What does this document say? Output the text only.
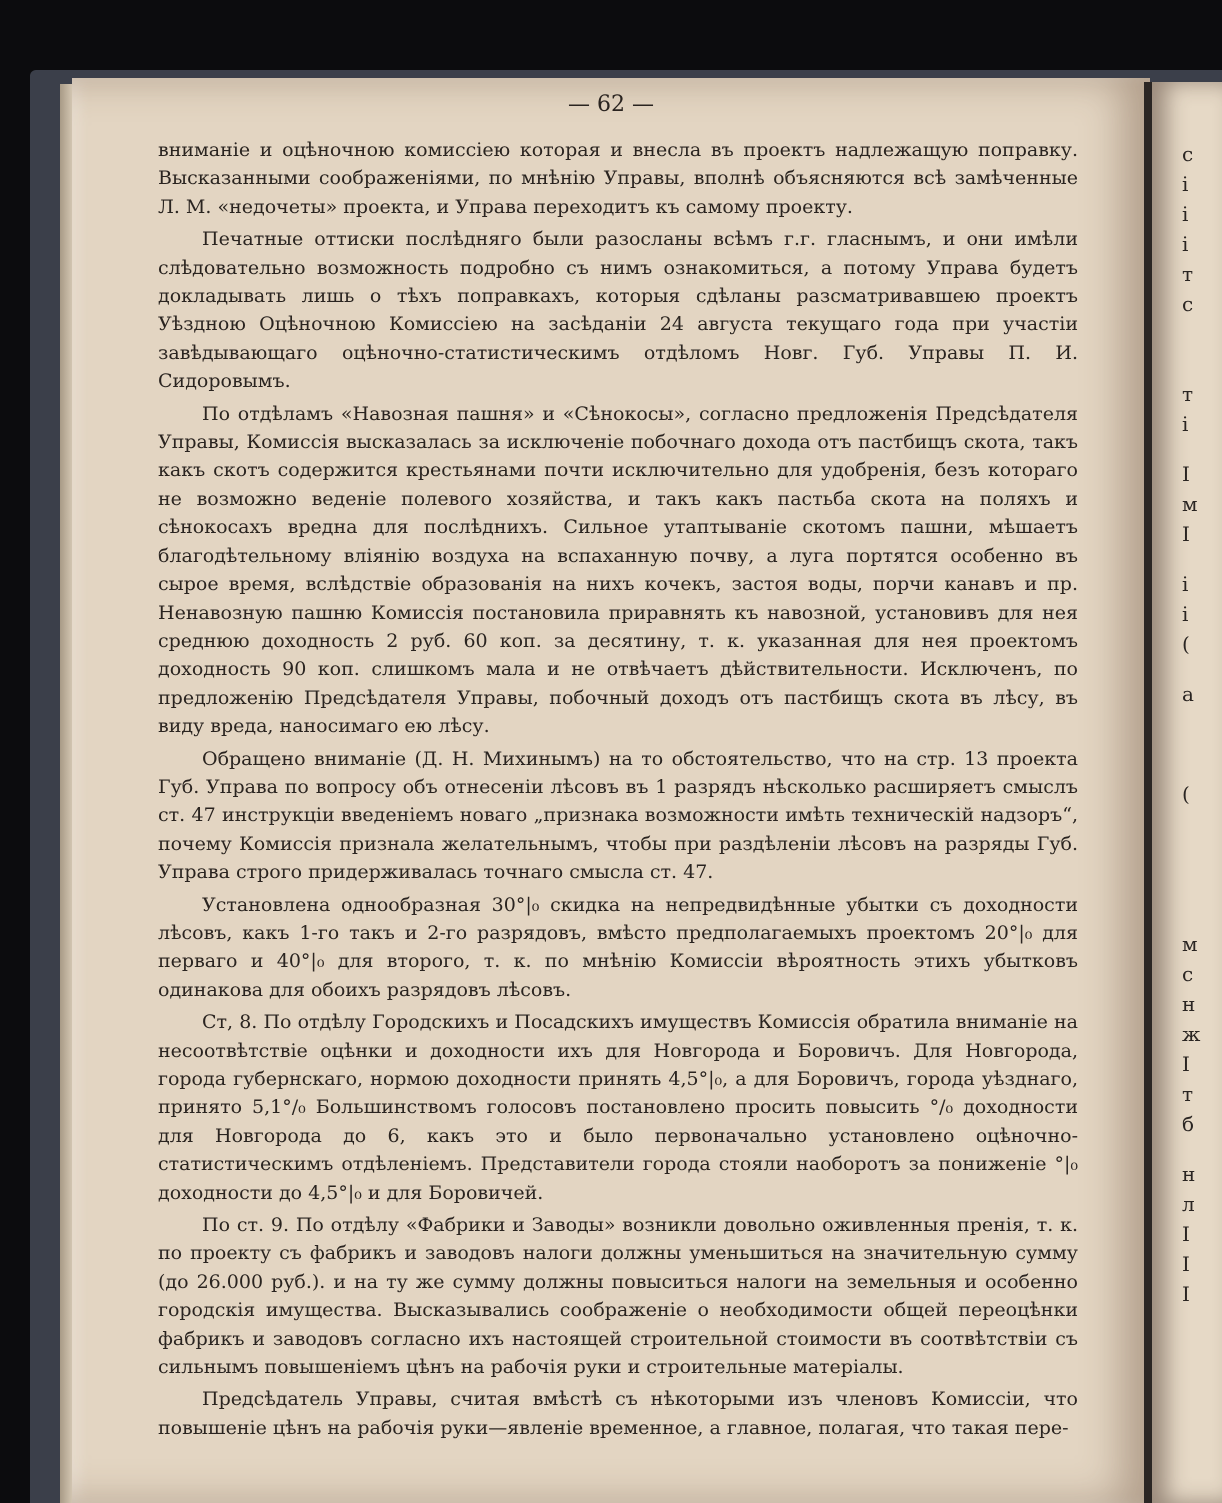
— 62 —

вниманіе и оцѣночною комиссіею которая и внесла въ проектъ надлежащую поправку. Высказанными соображеніями, по мнѣнію Управы, вполнѣ объясняются всѣ замѣченные Л. М. «недочеты» проекта, и Управа переходитъ къ самому проекту.

Печатные оттиски послѣдняго были разосланы всѣмъ г.г. гласнымъ, и они имѣли слѣдовательно возможность подробно съ нимъ ознакомиться, а потому Управа будетъ докладывать лишь о тѣхъ поправкахъ, которыя сдѣланы разсматривавшею проектъ Уѣздною Оцѣночною Комиссіею на засѣданіи 24 августа текущаго года при участіи завѣдывающаго оцѣночно-статистическимъ отдѣломъ Новг. Губ. Управы П. И. Сидоровымъ.

По отдѣламъ «Навозная пашня» и «Сѣнокосы», согласно предложенія Предсѣдателя Управы, Комиссія высказалась за исключеніе побочнаго дохода отъ пастбищъ скота, такъ какъ скотъ содержится крестьянами почти исключительно для удобренія, безъ котораго не возможно веденіе полевого хозяйства, и такъ какъ пастьба скота на поляхъ и сѣнокосахъ вредна для послѣднихъ. Сильное утаптываніе скотомъ пашни, мѣшаетъ благодѣтельному вліянію воздуха на вспаханную почву, а луга портятся особенно въ сырое время, вслѣдствіе образованія на нихъ кочекъ, застоя воды, порчи канавъ и пр. Ненавозную пашню Комиссія постановила приравнять къ навозной, установивъ для нея среднюю доходность 2 руб. 60 коп. за десятину, т. к. указанная для нея проектомъ доходность 90 коп. слишкомъ мала и не отвѣчаетъ дѣйствительности. Исключенъ, по предложенію Предсѣдателя Управы, побочный доходъ отъ пастбищъ скота въ лѣсу, въ виду вреда, наносимаго ею лѣсу.

Обращено вниманіе (Д. Н. Михинымъ) на то обстоятельство, что на стр. 13 проекта Губ. Управа по вопросу объ отнесеніи лѣсовъ въ 1 разрядъ нѣсколько расширяетъ смыслъ ст. 47 инструкціи введеніемъ новаго „признака возможности имѣть техническій надзоръ“, почему Комиссія признала желательнымъ, чтобы при раздѣленіи лѣсовъ на разряды Губ. Управа строго придерживалась точнаго смысла ст. 47.

Установлена однообразная 30°|₀ скидка на непредвидѣнные убытки съ доходности лѣсовъ, какъ 1-го такъ и 2-го разрядовъ, вмѣсто предполагаемыхъ проектомъ 20°|₀ для перваго и 40°|₀ для второго, т. к. по мнѣнію Комиссіи вѣроятность этихъ убытковъ одинакова для обоихъ разрядовъ лѣсовъ.

Ст, 8. По отдѣлу Городскихъ и Посадскихъ имуществъ Комиссія обратила вниманіе на несоотвѣтствіе оцѣнки и доходности ихъ для Новгорода и Боровичъ. Для Новгорода, города губернскаго, нормою доходности принять 4,5°|₀, а для Боровичъ, города уѣзднаго, принято 5,1°/₀ Большинствомъ голосовъ постановлено просить повысить °/₀ доходности для Новгорода до 6, какъ это и было первоначально установлено оцѣночно-статистическимъ отдѣленіемъ. Представители города стояли наоборотъ за пониженіе °|₀ доходности до 4,5°|₀ и для Боровичей.

По ст. 9. По отдѣлу «Фабрики и Заводы» возникли довольно оживленныя пренія, т. к. по проекту съ фабрикъ и заводовъ налоги должны уменьшиться на значительную сумму (до 26.000 руб.). и на ту же сумму должны повыситься налоги на земельныя и особенно городскія имущества. Высказывались соображеніе о необходимости общей переоцѣнки фабрикъ и заводовъ согласно ихъ настоящей строительной стоимости въ соотвѣтствіи съ сильнымъ повышеніемъ цѣнъ на рабочія руки и строительные матеріалы.

Предсѣдатель Управы, считая вмѣстѣ съ нѣкоторыми изъ членовъ Комиссіи, что повышеніе цѣнъ на рабочія руки—явленіе временное, а главное, полагая, что такая пере-

с
і
і
і
т
с
т
і
І
м
І
і
і
(
а
(
м
с
н
ж
І
т
б
н
л
І
І
І
